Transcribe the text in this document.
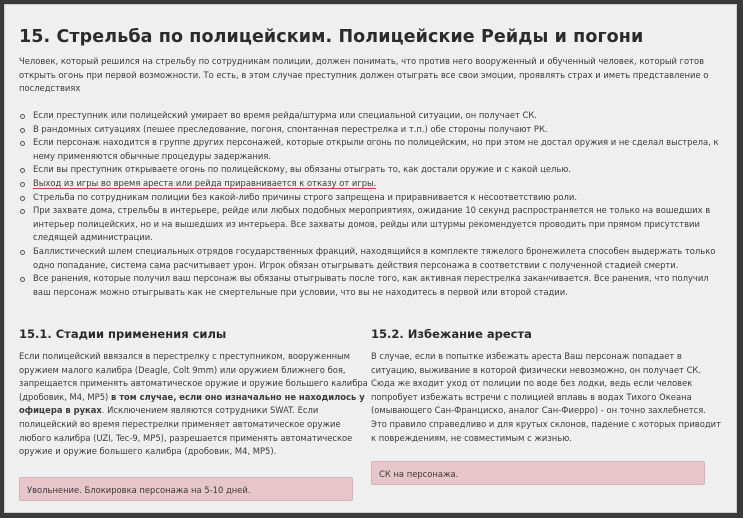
15. Стрельба по полицейским. Полицейские Рейды и погони

Человек, который решился на стрельбу по сотрудникам полиции, должен понимать, что против него вооруженный и обученный человек, который готов открыть огонь при первой возможности. То есть, в этом случае преступник должен отыграть все свои эмоции, проявлять страх и иметь представление о последствиях

Если преступник или полицейский умирает во время рейда/штурма или специальной ситуации, он получает СК.
В рандомных ситуациях (пешее преследование, погоня, спонтанная перестрелка и т.п.) обе стороны получают РК.
Если персонаж находится в группе других персонажей, которые открыли огонь по полицейским, но при этом не достал оружия и не сделал выстрела, к нему применяются обычные процедуры задержания.
Если вы преступник открываете огонь по полицейскому, вы обязаны отыграть то, как достали оружие и с какой целью.
Выход из игры во время ареста или рейда приравнивается к отказу от игры.
Стрельба по сотрудникам полиции без какой-либо причины строго запрещена и приравнивается к несоответствию роли.
При захвате дома, стрельбы в интерьере, рейде или любых подобных мероприятиях, ожидание 10 секунд распространяется не только на вошедших в интерьер полицейских, но и на вышедших из интерьера. Все захваты домов, рейды или штурмы рекомендуется проводить при прямом присутствии следящей администрации.
Баллистический шлем специальных отрядов государственных фракций, находящийся в комплекте тяжелого бронежилета способен выдержать только одно попадание, система сама расчитывает урон. Игрок обязан отыгрывать действия персонажа в соответствии с полученной стадией смерти.
Все ранения, которые получил ваш персонаж вы обязаны отыгрывать после того, как активная перестрелка заканчивается. Все ранения, что получил ваш персонаж можно отыгрывать как не смертельные при условии, что вы не находитесь в первой или второй стадии.
15.1. Стадии применения силы

Если полицейский ввязался в перестрелку с преступником, вооруженным оружием малого калибра (Deagle, Colt 9mm) или оружием ближнего боя, запрещается применять автоматическое оружие и оружие большего калибра (дробовик, M4, MP5) в том случае, если оно изначально не находилось у офицера в руках. Исключением являются сотрудники SWAT. Если полицейский во время перестрелки применяет автоматическое оружие любого калибра (UZI, Tec-9, MP5), разрешается применять автоматическое оружие и оружие большего калибра (дробовик, M4, MP5).

Увольнение. Блокировка персонажа на 5-10 дней.
15.2. Избежание ареста

В случае, если в попытке избежать ареста Ваш персонаж попадает в ситуацию, выживание в которой физически невозможно, он получает СК. Сюда же входит уход от полиции по воде без лодки, ведь если человек попробует избежать встречи с полицией вплавь в водах Тихого Океана (омывающего Сан-Франциско, аналог Сан-Фиерро) - он точно захлебнется. Это правило справедливо и для крутых склонов, падение с которых приводит к повреждениям, не совместимым с жизнью.

СК на персонажа.
